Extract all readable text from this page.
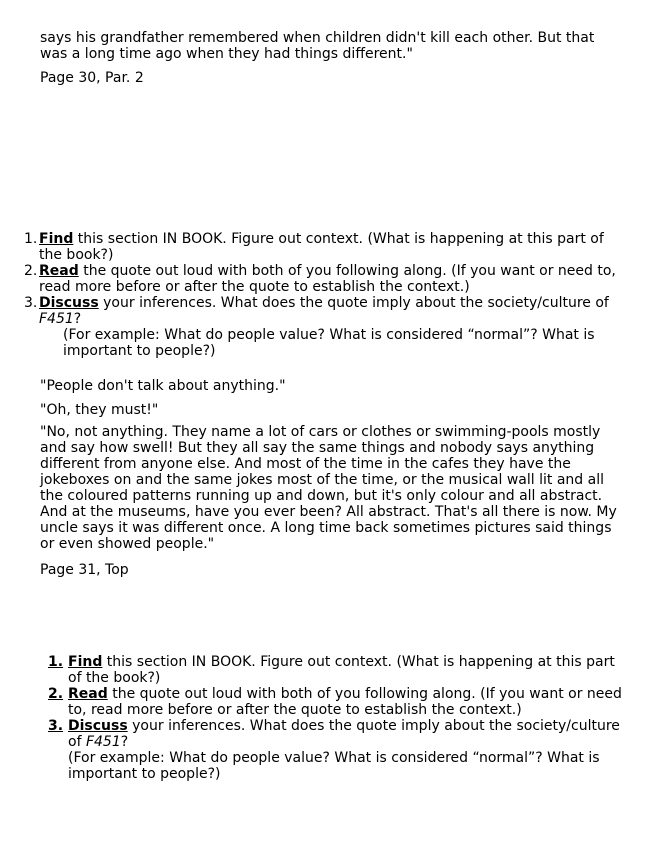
says his grandfather remembered when children didn't kill each other. But that was a long time ago when they had things different."

Page 30, Par. 2

1. Find this section IN BOOK. Figure out context. (What is happening at this part of the book?)
2. Read the quote out loud with both of you following along. (If you want or need to, read more before or after the quote to establish the context.)
3. Discuss your inferences. What does the quote imply about the society/culture of F451?
(For example: What do people value? What is considered “normal”? What is important to people?)

"People don't talk about anything."

"Oh, they must!"

"No, not anything. They name a lot of cars or clothes or swimming-pools mostly and say how swell! But they all say the same things and nobody says anything different from anyone else. And most of the time in the cafes they have the jokeboxes on and the same jokes most of the time, or the musical wall lit and all the coloured patterns running up and down, but it's only colour and all abstract. And at the museums, have you ever been? All abstract. That's all there is now. My uncle says it was different once. A long time back sometimes pictures said things or even showed people."

Page 31, Top

1. Find this section IN BOOK. Figure out context. (What is happening at this part of the book?)
2. Read the quote out loud with both of you following along. (If you want or need to, read more before or after the quote to establish the context.)
3. Discuss your inferences. What does the quote imply about the society/culture of F451?
(For example: What do people value? What is considered “normal”? What is important to people?)
